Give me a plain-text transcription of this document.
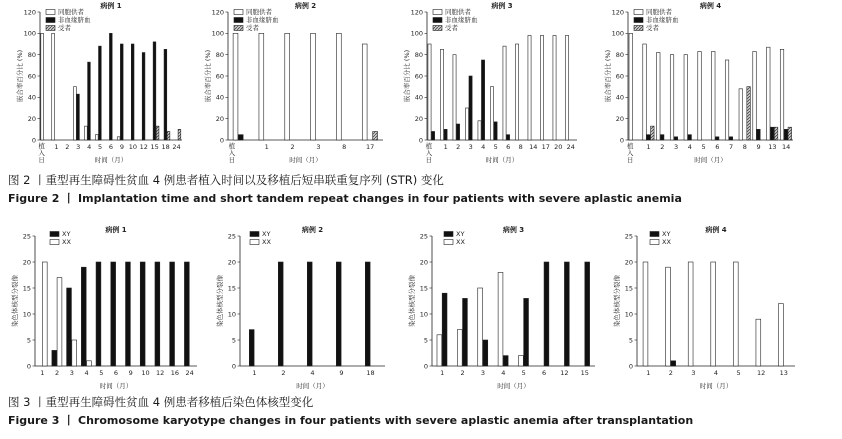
病例 1
0
20
40
60
80
100
120
嵌合率百分比 (%)
植
入
日
1 2 3 4 5 6 9 10 12 15 18 24
时间（月）
同胞供者
非血缘脐血
受者
病例 2
0
20
40
60
80
100
120
嵌合率百分比 (%)
植
入
日
1	2	3	8	17
时间（月）
同胞供者
非血缘脐血
受者
病例 3
0
20
40
60
80
100
120
嵌合率百分比 (%)
植
入
日
1 2 3 4 5 6 8 14 17 20 24
时间（月）
同胞供者
非血缘脐血
受者
病例 4
0
20
40
60
80
100
120
嵌合率百分比 (%)
植
入
日
1 2 3 4 5 6 7 8 9 13 14
时间（月）
同胞供者
非血缘脐血
受者
病例 1
0
5
10
15
20
25
染色体核型分裂像
1 2 3 4 5 6 9 10 12 16 24
时间（月）
XY
XX
病例 2
0
5
10
15
20
25
染色体核型分裂像
1	2	4	9	18
时间（月）
XY
XX
病例 3
0
5
10
15
20
25
染色体核型分裂像
1 2 3 4 5 6 12 15
时间（月）
XY
XX
病例 4
0
5
10
15
20
25
染色体核型分裂像
1	2	3	4	5	12 13
时间（月）
XY
XX
图 2 丨重型再生障碍性贫血 4 例患者植入时间以及移植后短串联重复序列 (STR) 变化
Figure 2 丨 Implantation time and short tandem repeat changes in four patients with severe aplastic anemia
图 3 丨重型再生障碍性贫血 4 例患者移植后染色体核型变化
Figure 3 丨 Chromosome karyotype changes in four patients with severe aplastic anemia after transplantation
